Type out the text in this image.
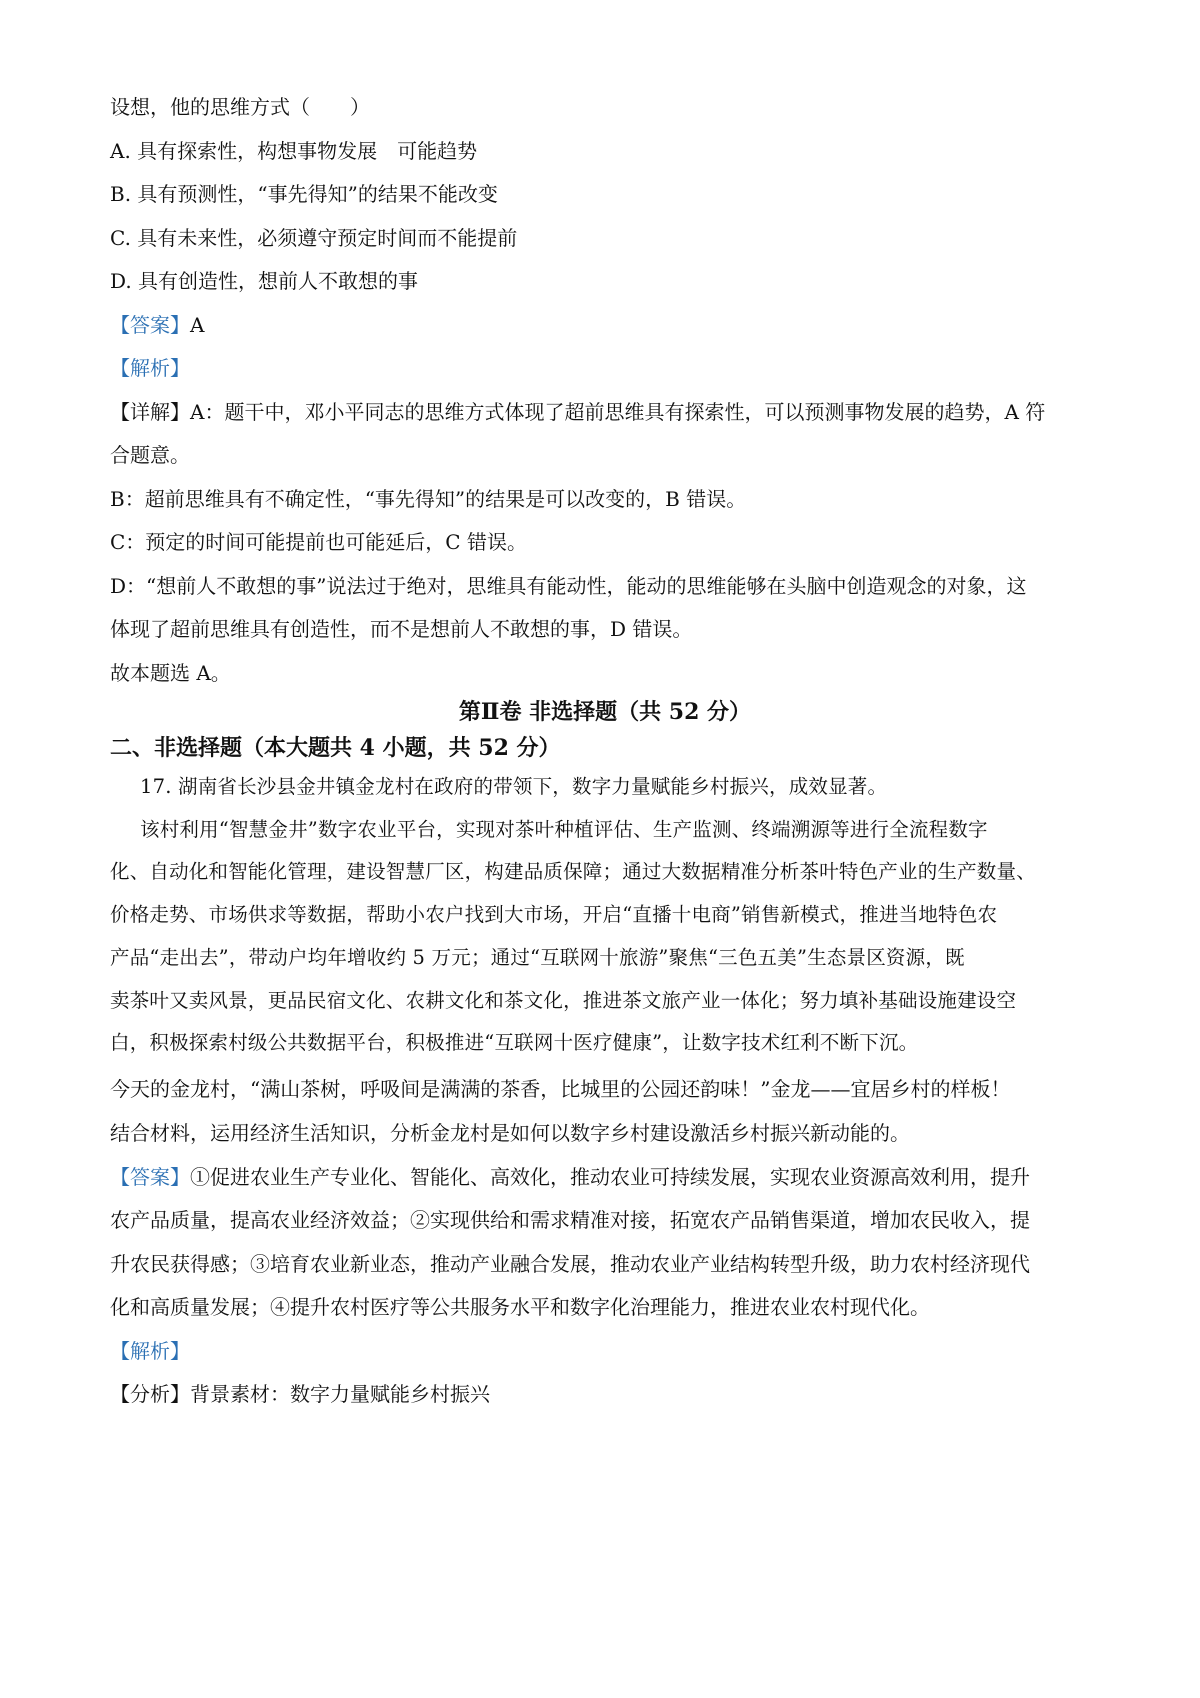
设想，他的思维方式（　　）
A. 具有探索性，构想事物发展　可能趋势
B. 具有预测性，“事先得知”的结果不能改变
C. 具有未来性，必须遵守预定时间而不能提前
D. 具有创造性，想前人不敢想的事
【答案】A
【解析】
【详解】A：题干中，邓小平同志的思维方式体现了超前思维具有探索性，可以预测事物发展的趋势，A 符
合题意。
B：超前思维具有不确定性，“事先得知”的结果是可以改变的，B 错误。
C：预定的时间可能提前也可能延后，C 错误。
D：“想前人不敢想的事”说法过于绝对，思维具有能动性，能动的思维能够在头脑中创造观念的对象，这
体现了超前思维具有创造性，而不是想前人不敢想的事，D 错误。
故本题选 A。
第Ⅱ卷 非选择题（共 52 分）
二、非选择题（本大题共 4 小题，共 52 分）
17. 湖南省长沙县金井镇金龙村在政府的带领下，数字力量赋能乡村振兴，成效显著。
该村利用“智慧金井”数字农业平台，实现对茶叶种植评估、生产监测、终端溯源等进行全流程数字
化、自动化和智能化管理，建设智慧厂区，构建品质保障；通过大数据精准分析茶叶特色产业的生产数量、
价格走势、市场供求等数据，帮助小农户找到大市场，开启“直播十电商”销售新模式，推进当地特色农
产品“走出去”，带动户均年增收约 5 万元；通过“互联网十旅游”聚焦“三色五美”生态景区资源，既
卖茶叶又卖风景，更品民宿文化、农耕文化和茶文化，推进茶文旅产业一体化；努力填补基础设施建设空
白，积极探索村级公共数据平台，积极推进“互联网十医疗健康”，让数字技术红利不断下沉。
今天的金龙村，“满山茶树，呼吸间是满满的茶香，比城里的公园还韵味！”金龙——宜居乡村的样板！
结合材料，运用经济生活知识，分析金龙村是如何以数字乡村建设激活乡村振兴新动能的。
【答案】①促进农业生产专业化、智能化、高效化，推动农业可持续发展，实现农业资源高效利用，提升
农产品质量，提高农业经济效益；②实现供给和需求精准对接，拓宽农产品销售渠道，增加农民收入，提
升农民获得感；③培育农业新业态，推动产业融合发展，推动农业产业结构转型升级，助力农村经济现代
化和高质量发展；④提升农村医疗等公共服务水平和数字化治理能力，推进农业农村现代化。
【解析】
【分析】背景素材：数字力量赋能乡村振兴
